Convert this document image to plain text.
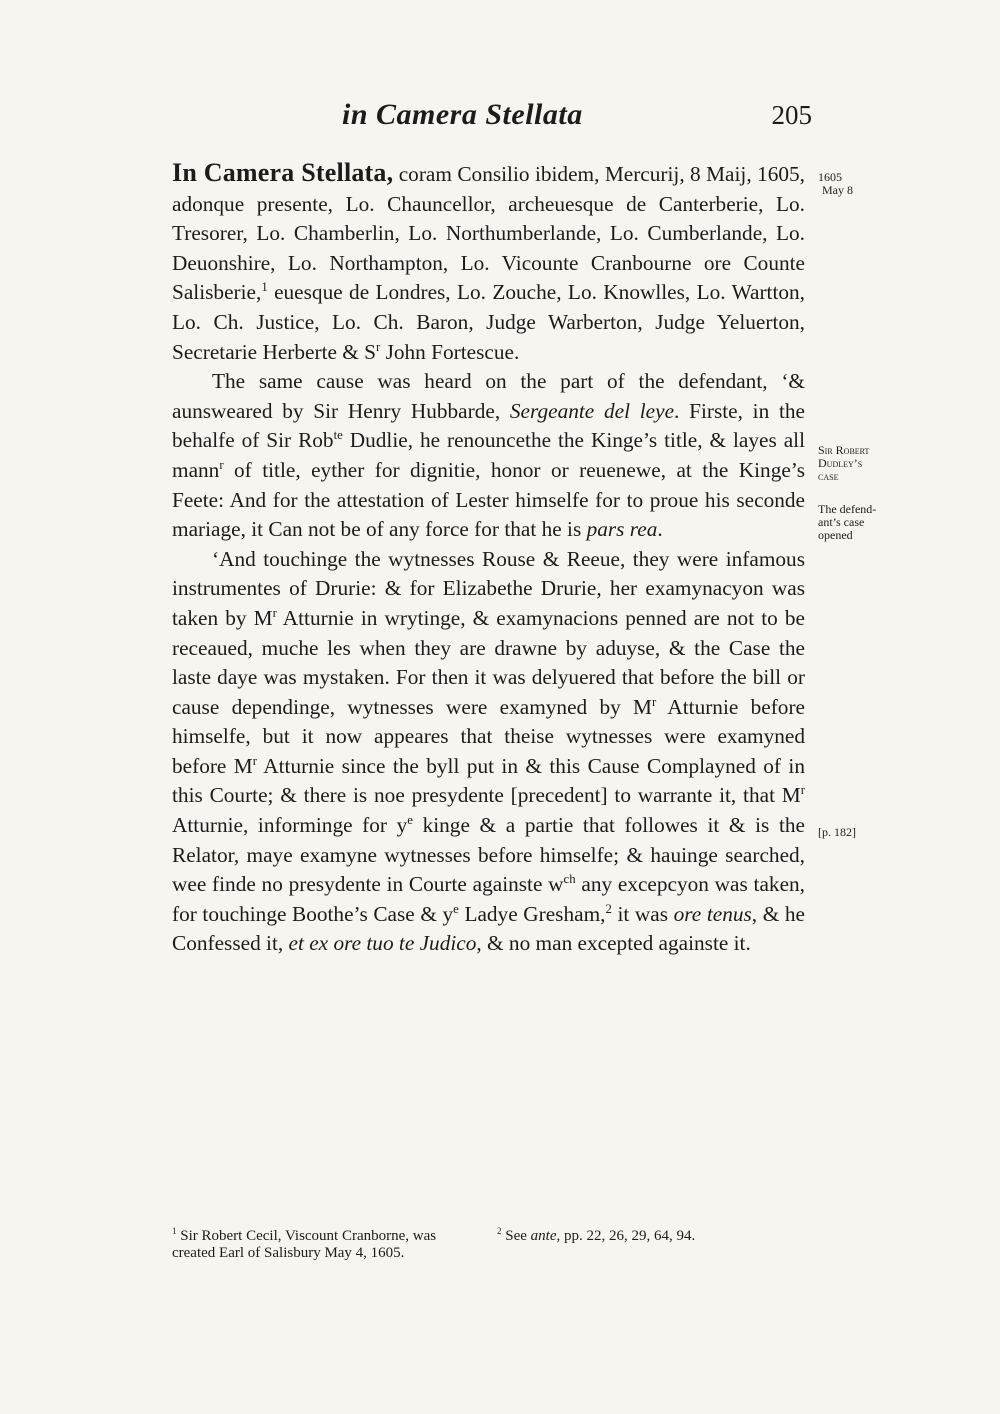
in Camera Stellata	205

In Camera Stellata, coram Consilio ibidem, Mercurij, 8 Maij, 1605, adonque presente, Lo. Chauncellor, archeuesque de Canterberie, Lo. Tresorer, Lo. Chamberlin, Lo. Northumberlande, Lo. Cumberlande, Lo. Deuonshire, Lo. Northampton, Lo. Vicounte Cranbourne ore Counte Salisberie,$^1$ euesque de Londres, Lo. Zouche, Lo. Knowlles, Lo. Wartton, Lo. Ch. Justice, Lo. Ch. Baron, Judge Warberton, Judge Yeluerton, Secretarie Herberte & $S^r$ John Fortescue.

The same cause was heard on the part of the defendant, ‘& aunsweared by Sir Henry Hubbarde, Sergeante del leye. Firste, in the behalfe of Sir Rob$^{te}$ Dudlie, he renouncethe the Kinge’s title, & layes all mann$^r$ of title, eyther for dignitie, honor or reuenewe, at the Kinge’s Feete: And for the attestation of Lester himselfe for to proue his seconde mariage, it Can not be of any force for that he is pars rea.

‘And touchinge the wytnesses Rouse & Reeue, they were infamous instrumentes of Drurie: & for Elizabethe Drurie, her examynacyon was taken by $M^r$ Atturnie in wrytinge, & examynacions penned are not to be receaued, muche les when they are drawne by aduyse, & the Case the laste daye was mystaken. For then it was delyuered that before the bill or cause dependinge, wytnesses were examyned by $M^r$ Atturnie before himselfe, but it now appeares that theise wytnesses were examyned before $M^r$ Atturnie since the byll put in & this Cause Complayned of in this Courte; & there is noe presydente [precedent] to warrante it, that $M^r$ Atturnie, informinge for $y^e$ kinge & a partie that followes it & is the Relator, maye examyne wytnesses before himselfe; & hauinge searched, wee finde no presydente in Courte againste $w^{ch}$ any excepcyon was taken, for touchinge Boothe’s Case & $y^e$ Ladye Gresham,$^2$ it was ore tenus, & he Confessed it, et ex ore tuo te Judico, & no man excepted againste it.

1605
May 8
Sir Robert
Dudley’s
case
The defend-
ant’s case
opened
[p. 182]
$^1$ Sir Robert Cecil, Viscount Cranborne, was created Earl of Salisbury May 4, 1605.
$^2$ See ante, pp. 22, 26, 29, 64, 94.
